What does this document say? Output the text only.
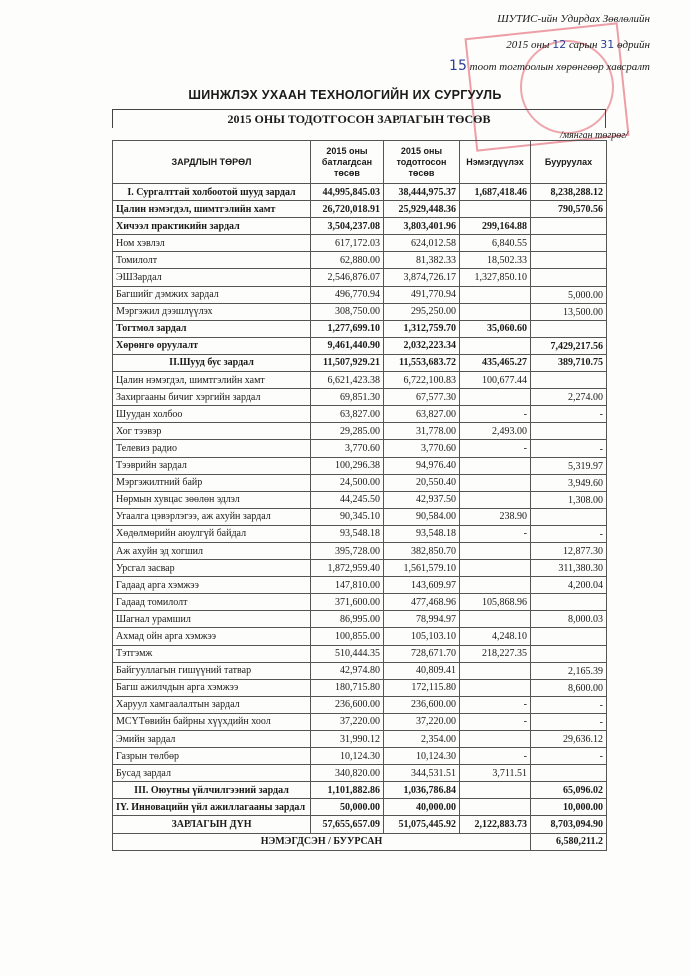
ШУТИС-ийн Удирдах Зөвлөлийн
2015 оны 12 сарын 31 өдрийн
15 тоот тогтоолын хөрөнгөөр хавсралт
ШИНЖЛЭХ УХААН ТЕХНОЛОГИЙН ИХ СУРГУУЛЬ
2015 ОНЫ ТОДОТГОСОН ЗАРЛАГЫН ТӨСӨВ
/мянган төгрөг/
ЗАРДЛЫН ТӨРӨЛ	2015 оны батлагдсан төсөв	2015 оны тодотгосон төсөв	Нэмэгдүүлэх	Бууруулах
I. Сургалттай холбоотой шууд зардал	44,995,845.03	38,444,975.37	1,687,418.46	8,238,288.12
Цалин нэмэгдэл, шимтгэлийн хамт	26,720,018.91	25,929,448.36		790,570.56
Хичээл практикийн зардал	3,504,237.08	3,803,401.96	299,164.88	
Ном хэвлэл	617,172.03	624,012.58	6,840.55	
Томилолт	62,880.00	81,382.33	18,502.33	
ЭШЗардал	2,546,876.07	3,874,726.17	1,327,850.10	
Багшийг дэмжих зардал	496,770.94	491,770.94		5,000.00
Мэргэжил дээшлүүлэх	308,750.00	295,250.00		13,500.00
Тогтмол зардал	1,277,699.10	1,312,759.70	35,060.60	
Хөрөнгө оруулалт	9,461,440.90	2,032,223.34		7,429,217.56
II.Шууд бус зардал	11,507,929.21	11,553,683.72	435,465.27	389,710.75
Цалин нэмэгдэл, шимтгэлийн хамт	6,621,423.38	6,722,100.83	100,677.44	
Захиргааны бичиг хэргийн зардал	69,851.30	67,577.30		2,274.00
Шуудан холбоо	63,827.00	63,827.00	-	-
Хог тээвэр	29,285.00	31,778.00	2,493.00	
Телевиз радио	3,770.60	3,770.60	-	-
Тээврийн зардал	100,296.38	94,976.40		5,319.97
Мэргэжилтний байр	24,500.00	20,550.40		3,949.60
Нөрмын хувцас зөөлөн эдлэл	44,245.50	42,937.50		1,308.00
Угаалга цэвэрлэгээ, аж ахуйн зардал	90,345.10	90,584.00	238.90	
Хөдөлмөрийн аюулгүй байдал	93,548.18	93,548.18	-	-
Аж ахуйн эд хогшил	395,728.00	382,850.70		12,877.30
Урсгал засвар	1,872,959.40	1,561,579.10		311,380.30
Гадаад арга хэмжээ	147,810.00	143,609.97		4,200.04
Гадаад томилолт	371,600.00	477,468.96	105,868.96	
Шагнал урамшил	86,995.00	78,994.97		8,000.03
Ахмад ойн арга хэмжээ	100,855.00	105,103.10	4,248.10	
Тэтгэмж	510,444.35	728,671.70	218,227.35	
Байгууллагын гишүүний татвар	42,974.80	40,809.41		2,165.39
Багш ажилчдын арга хэмжээ	180,715.80	172,115.80		8,600.00
Харуул хамгаалалтын зардал	236,600.00	236,600.00	-	-
МСҮТөвийн байрны хүүхдийн хоол	37,220.00	37,220.00	-	-
Эмийн зардал	31,990.12	2,354.00		29,636.12
Газрын төлбөр	10,124.30	10,124.30	-	-
Бусад зардал	340,820.00	344,531.51	3,711.51	
III. Оюутны үйлчилгээний зардал	1,101,882.86	1,036,786.84		65,096.02
IY. Инновацийн үйл ажиллагааны зардал	50,000.00	40,000.00		10,000.00
ЗАРЛАГЫН ДҮН	57,655,657.09	51,075,445.92	2,122,883.73	8,703,094.90
НЭМЭГДСЭН / БУУРСАН				6,580,211.2
